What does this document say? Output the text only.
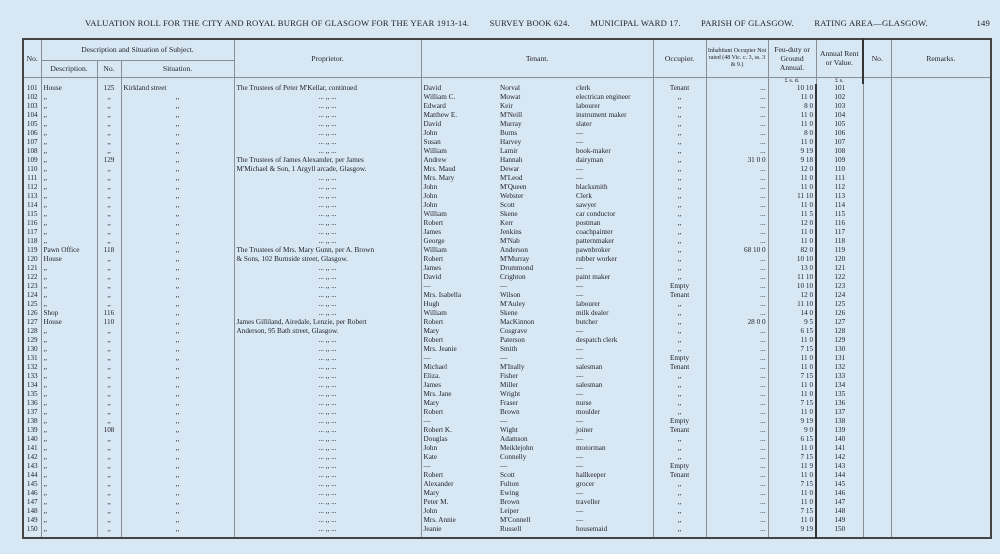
VALUATION ROLL FOR THE CITY AND ROYAL BURGH OF GLASGOW FOR THE YEAR 1913-14. SURVEY BOOK 624. MUNICIPAL WARD 17. PARISH OF GLASGOW. RATING AREA—GLASGOW.	149
No.	Description and Situation of Subject.			Proprietor.	Tenant.			Occupier.	Inhabitant Occupier Not rated (48 Vic. c. 3, ss. 3 & 9.)	Feu-duty or Ground Annual.	Annual Rent or Value.	No.	Remarks.
	Description.	No.	Situation.										
										£ s. d.	£ s.		
101	House	125	Kirkland street	The Trustees of Peter M'Kellar, continued	David	Norval	clerk	Tenant	...	10 10	101		
102	,,	,,	,,	... ,, ...	William C.	Mowat	electrican engineer	,,	...	11 0	102		
103	,,	,,	,,	... ,, ...	Edward	Keir	labourer	,,	...	8 0	103		
104	,,	,,	,,	... ,, ...	Matthew E.	M'Neill	instrument maker	,,	...	11 0	104		
105	,,	,,	,,	... ,, ...	David	Murray	slater	,,	...	11 0	105		
106	,,	,,	,,	... ,, ...	John	Burns	—	,,	...	8 0	106		
107	,,	,,	,,	... ,, ...	Susan	Harvey	—	,,	...	11 0	107		
108	,,	,,	,,	... ,, ...	William	Lamir	book-maker	,,	...	9 19	108		
109	,,	129	,,	The Trustees of James Alexander, per James	Andrew	Hannah	dairyman	,,	31 0 0	9 18	109		
110	,,	,,	,,	M'Michael & Son, 1 Argyll arcade, Glasgow.	Mrs. Maud	Dewar	—	,,	...	12 0	110		
111	,,	,,	,,	... ,, ...	Mrs. Mary	M'Leod	—	,,	...	11 0	111		
112	,,	,,	,,	... ,, ...	John	M'Queen	blacksmith	,,	...	11 0	112		
113	,,	,,	,,	... ,, ...	John	Webster	Clerk	,,	...	11 10	113		
114	,,	,,	,,	... ,, ...	John	Scott	sawyer	,,	...	11 0	114		
115	,,	,,	,,	... ,, ...	William	Skene	car conductor	,,	...	11 5	115		
116	,,	,,	,,	... ,, ...	Robert	Kerr	postman	,,	...	12 0	116		
117	,,	,,	,,	... ,, ...	James	Jenkins	coachpainter	,,	...	11 0	117		
118	,,	,,	,,	... ,, ...	George	M'Nab	patternmaker	,,	...	11 0	118		
119	Pawn Office	118	,,	The Trustees of Mrs. Mary Gunn, per A. Brown	William	Anderson	pawnbroker	,,	68 10 0	82 0	119		
120	House	,,	,,	& Sons, 102 Burnside street, Glasgow.	Robert	M'Murray	rubber worker	,,	...	10 10	120		
121	,,	,,	,,	... ,, ...	James	Drummond	—	,,	...	13 0	121		
122	,,	,,	,,	... ,, ...	David	Crighton	paint maker	,,	...	11 10	122		
123	,,	,,	,,	... ,, ...	—	—	—	Empty	...	10 10	123		
124	,,	,,	,,	... ,, ...	Mrs. Isabella	Wilson	—	Tenant	...	12 0	124		
125	,,	,,	,,	... ,, ...	Hugh	M'Auley	labourer	,,	...	11 10	125		
126	Shop	116	,,	... ,, ...	William	Skene	milk dealer	,,	...	14 0	126		
127	House	110	,,	James Gilliland, Airedale, Lenzie, per Robert	Robert	MacKinnon	butcher	,,	28 0 0	9 5	127		
128	,,	,,	,,	Anderson, 95 Bath street, Glasgow.	Mary	Cosgrave	—	,,	...	6 15	128		
129	,,	,,	,,	... ,, ...	Robert	Paterson	despatch clerk	,,	...	11 0	129		
130	,,	,,	,,	... ,, ...	Mrs. Jeanie	Smith	—	,,	...	7 15	130		
131	,,	,,	,,	... ,, ...	—	—	—	Empty	...	11 0	131		
132	,,	,,	,,	... ,, ...	Michael	M'Inally	salesman	Tenant	...	11 0	132		
133	,,	,,	,,	... ,, ...	Eliza.	Fisher	—	,,	...	7 15	133		
134	,,	,,	,,	... ,, ...	James	Miller	salesman	,,	...	11 0	134		
135	,,	,,	,,	... ,, ...	Mrs. Jane	Wright	—	,,	...	11 0	135		
136	,,	,,	,,	... ,, ...	Mary	Fraser	nurse	,,	...	7 15	136		
137	,,	,,	,,	... ,, ...	Robert	Brown	moulder	,,	...	11 0	137		
138	,,	,,	,,	... ,, ...	—	—	—	Empty	...	9 19	138		
139	,,	108	,,	... ,, ...	Robert K.	Wight	joiner	Tenant	...	9 0	139		
140	,,	,,	,,	... ,, ...	Douglas	Adamson	—	,,	...	6 15	140		
141	,,	,,	,,	... ,, ...	John	Meiklejohn	motorman	,,	...	11 0	141		
142	,,	,,	,,	... ,, ...	Kate	Connelly	—	,,	...	7 15	142		
143	,,	,,	,,	... ,, ...	—	—	—	Empty	...	11 9	143		
144	,,	,,	,,	... ,, ...	Robert	Scott	hallkeeper	Tenant	...	11 0	144		
145	,,	,,	,,	... ,, ...	Alexander	Fulton	grocer	,,	...	7 15	145		
146	,,	,,	,,	... ,, ...	Mary	Ewing	—	,,	...	11 0	146		
147	,,	,,	,,	... ,, ...	Peter M.	Brown	traveller	,,	...	11 0	147		
148	,,	,,	,,	... ,, ...	John	Leiper	—	,,	...	7 15	148		
149	,,	,,	,,	... ,, ...	Mrs. Annie	M'Connell	—	,,	...	11 0	149		
150	,,	,,	,,	... ,, ...	Jeanie	Russell	housemaid	,,	...	9 19	150		
